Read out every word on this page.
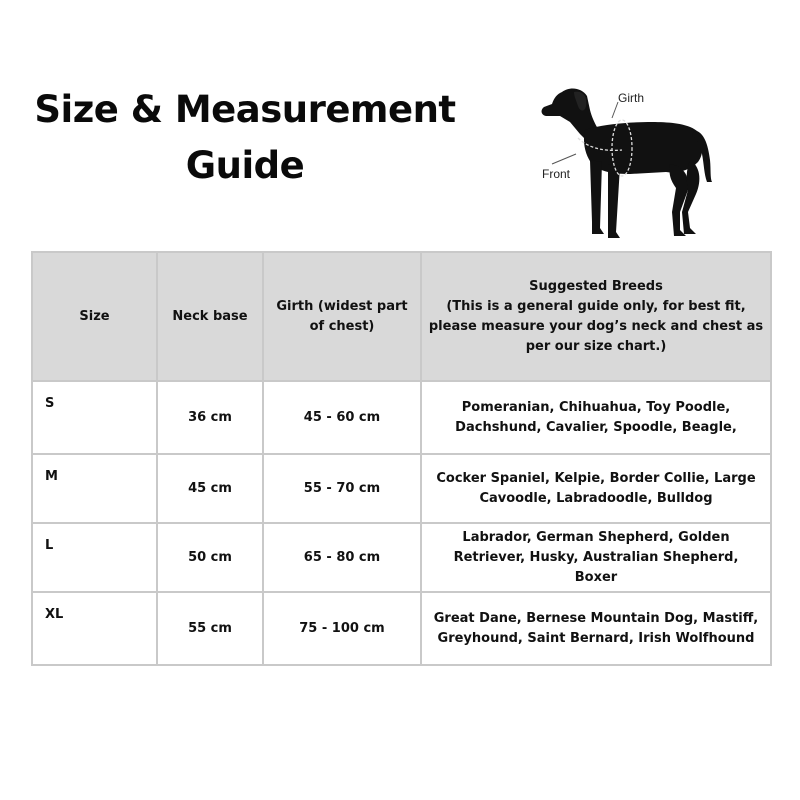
Size & Measurement
Guide
Girth
Front
Size	Neck base	Girth (widest part of chest)	Suggested Breeds
(This is a general guide only, for best fit, please measure your dog’s neck and chest as per our size chart.)

S	36 cm	45 - 60 cm	Pomeranian, Chihuahua, Toy Poodle, Dachshund, Cavalier, Spoodle, Beagle,
M	45 cm	55 - 70 cm	Cocker Spaniel, Kelpie, Border Collie, Large Cavoodle, Labradoodle, Bulldog
L	50 cm	65 - 80 cm	Labrador, German Shepherd, Golden Retriever, Husky, Australian Shepherd, Boxer
XL	55 cm	75 - 100 cm	Great Dane, Bernese Mountain Dog, Mastiff, Greyhound, Saint Bernard, Irish Wolfhound
